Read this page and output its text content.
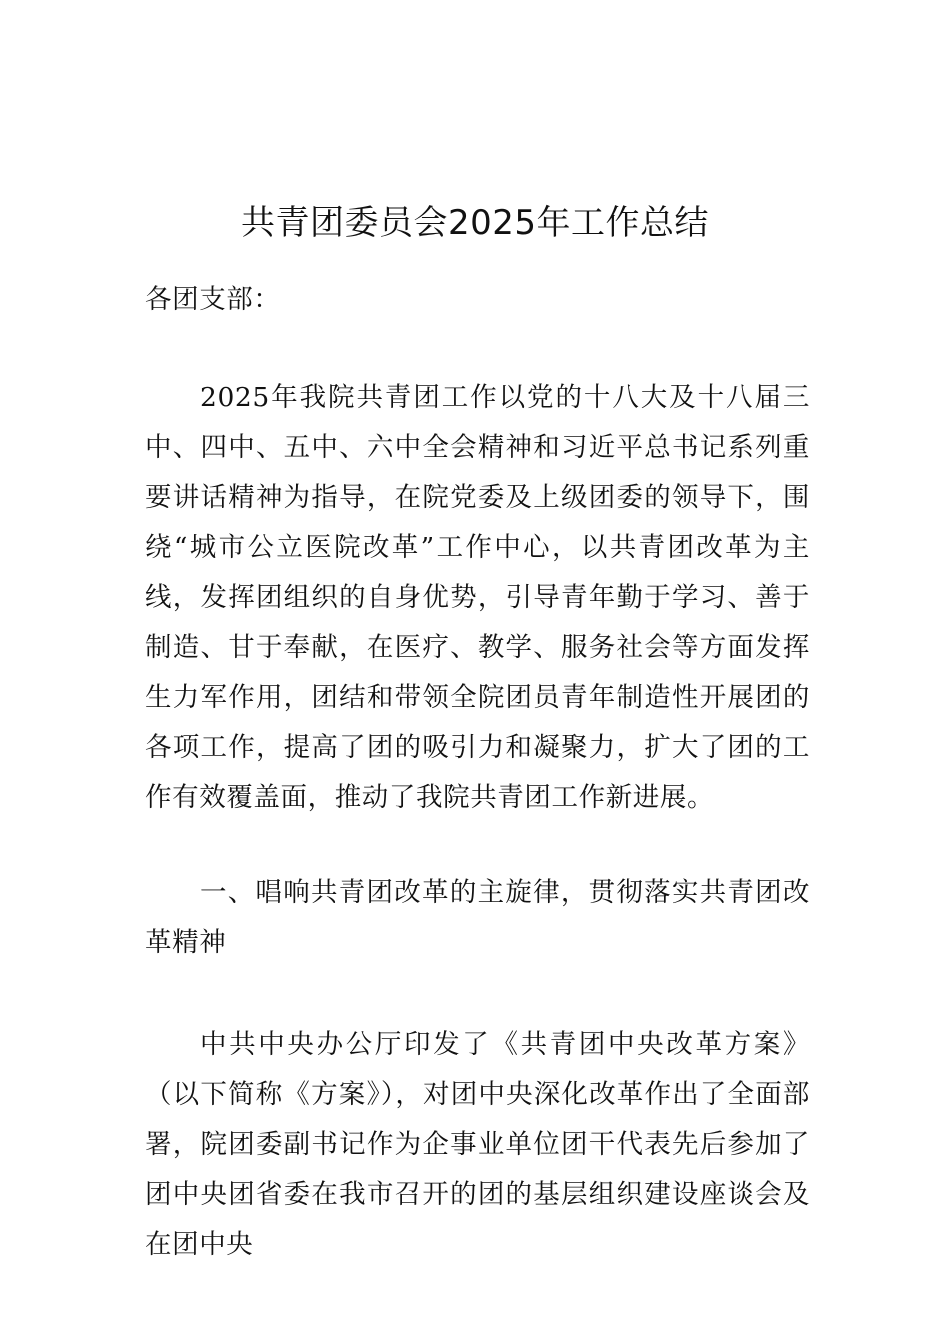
共青团委员会2025年工作总结

各团支部：

2025年我院共青团工作以党的十八大及十八届三中、四中、五中、六中全会精神和习近平总书记系列重要讲话精神为指导，在院党委及上级团委的领导下，围绕“城市公立医院改革”工作中心，以共青团改革为主线，发挥团组织的自身优势，引导青年勤于学习、善于制造、甘于奉献，在医疗、教学、服务社会等方面发挥生力军作用，团结和带领全院团员青年制造性开展团的各项工作，提高了团的吸引力和凝聚力，扩大了团的工作有效覆盖面，推动了我院共青团工作新进展。

一、唱响共青团改革的主旋律，贯彻落实共青团改革精神

中共中央办公厅印发了《共青团中央改革方案》（以下简称《方案》），对团中央深化改革作出了全面部署，院团委副书记作为企事业单位团干代表先后参加了团中央团省委在我市召开的团的基层组织建设座谈会及在团中央
